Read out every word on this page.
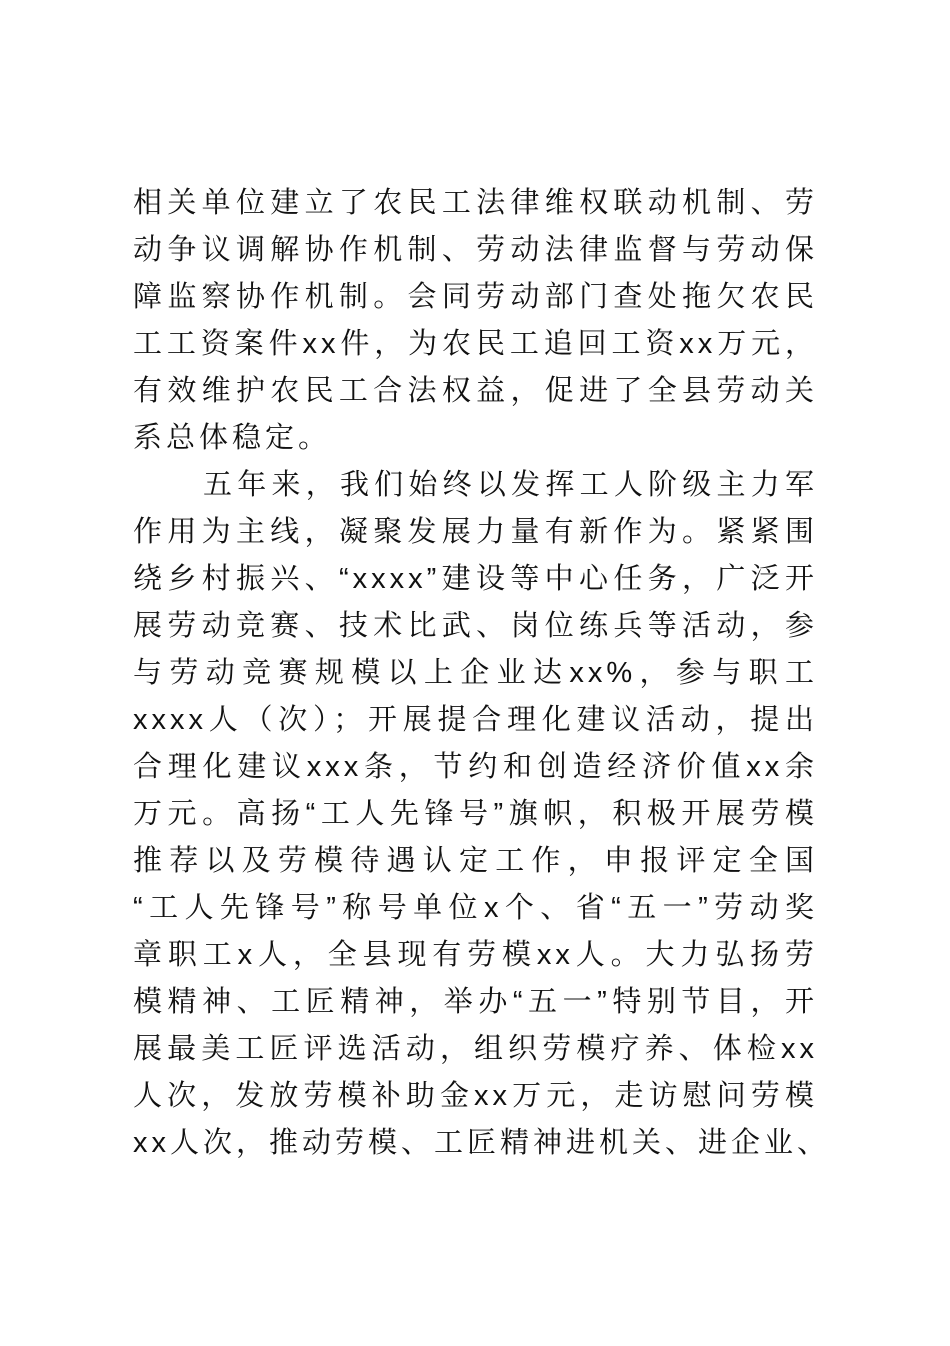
相关单位建立了农民工法律维权联动机制、劳
动争议调解协作机制、劳动法律监督与劳动保
障监察协作机制。会同劳动部门查处拖欠农民
工工资案件xx件，为农民工追回工资xx万元，
有效维护农民工合法权益，促进了全县劳动关
系总体稳定。
五年来，我们始终以发挥工人阶级主力军
作用为主线，凝聚发展力量有新作为。紧紧围
绕乡村振兴、“xxxx”建设等中心任务，广泛开
展劳动竞赛、技术比武、岗位练兵等活动，参
与劳动竞赛规模以上企业达xx%，参与职工
xxxx人（次）；开展提合理化建议活动，提出
合理化建议xxx条，节约和创造经济价值xx余
万元。高扬“工人先锋号”旗帜，积极开展劳模
推荐以及劳模待遇认定工作，申报评定全国
“工人先锋号”称号单位x个、省“五一”劳动奖
章职工x人，全县现有劳模xx人。大力弘扬劳
模精神、工匠精神，举办“五一”特别节目，开
展最美工匠评选活动，组织劳模疗养、体检xx
人次，发放劳模补助金xx万元，走访慰问劳模
xx人次，推动劳模、工匠精神进机关、进企业、
